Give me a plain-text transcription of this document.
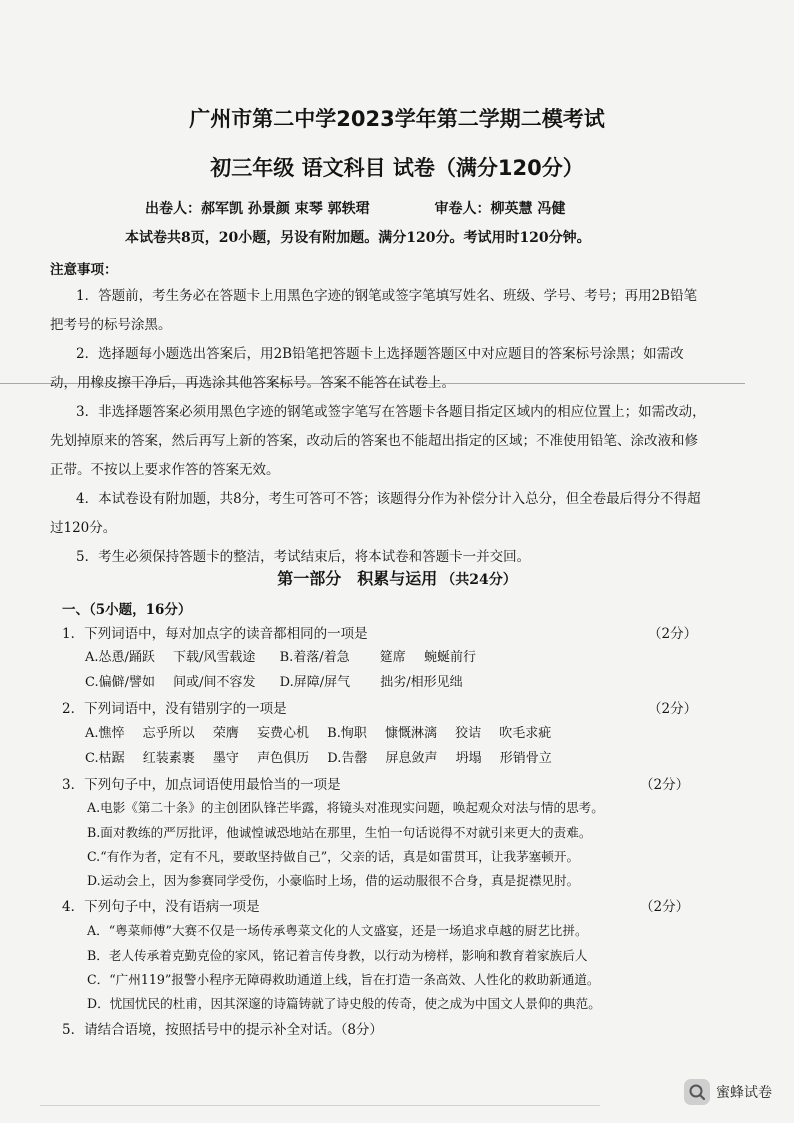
广州市第二中学2023学年第二学期二模考试
初三年级 语文科目 试卷（满分120分）
出卷人：郝军凯 孙景颜 束琴 郭轶珺	审卷人：柳英慧 冯健
本试卷共8页，20小题，另设有附加题。满分120分。考试用时120分钟。
注意事项：

1．答题前，考生务必在答题卡上用黑色字迹的钢笔或签字笔填写姓名、班级、学号、考号；再用2B铅笔把考号的标号涂黑。

2．选择题每小题选出答案后，用2B铅笔把答题卡上选择题答题区中对应题目的答案标号涂黑；如需改动，用橡皮擦干净后，再选涂其他答案标号。答案不能答在试卷上。

3．非选择题答案必须用黑色字迹的钢笔或签字笔写在答题卡各题目指定区域内的相应位置上；如需改动，先划掉原来的答案，然后再写上新的答案，改动后的答案也不能超出指定的区域；不准使用铅笔、涂改液和修正带。不按以上要求作答的答案无效。

4．本试卷设有附加题，共8分，考生可答可不答；该题得分作为补偿分计入总分，但全卷最后得分不得超过120分。

5．考生必须保持答题卡的整洁，考试结束后，将本试卷和答题卡一并交回。

第一部分　积累与运用 （共24分）
一、（5小题，16分）
1．下列词语中，每对加点字的读音都相同的一项是	（2分）
A.怂恿/踊跃 下载/风雪载途 B.着落/着急 筵席 蜿蜒前行
C.偏僻/譬如 间或/间不容发 D.屏障/屏气 拙劣/相形见绌
2．下列词语中，没有错别字的一项是	（2分）
A.憔悴 忘乎所以 荣膺 妄费心机 B.恂职 慷慨淋漓 狡诘 吹毛求疵
C.枯踞 红装素裹 墨守 声色俱历 D.告罄 屏息敛声 坍塌 形销骨立
3．下列句子中，加点词语使用最恰当的一项是	（2分）
A.电影《第二十条》的主创团队锋芒毕露，将镜头对准现实问题，唤起观众对法与情的思考。
B.面对教练的严厉批评，他诚惶诚恐地站在那里，生怕一句话说得不对就引来更大的责难。
C.“有作为者，定有不凡，要敢坚持做自己”，父亲的话，真是如雷贯耳，让我茅塞顿开。
D.运动会上，因为参赛同学受伤，小豪临时上场，借的运动服很不合身，真是捉襟见肘。
4．下列句子中，没有语病一项是	（2分）
A．“粤菜师傅”大赛不仅是一场传承粤菜文化的人文盛宴，还是一场追求卓越的厨艺比拼。
B．老人传承着克勤克俭的家风，铭记着言传身教，以行动为榜样，影响和教育着家族后人
C．“广州119”报警小程序无障碍救助通道上线，旨在打造一条高效、人性化的救助新通道。
D．忧国忧民的杜甫，因其深邃的诗篇铸就了诗史般的传奇，使之成为中国文人景仰的典范。
5．请结合语境，按照括号中的提示补全对话。（8分）
蜜蜂试卷
